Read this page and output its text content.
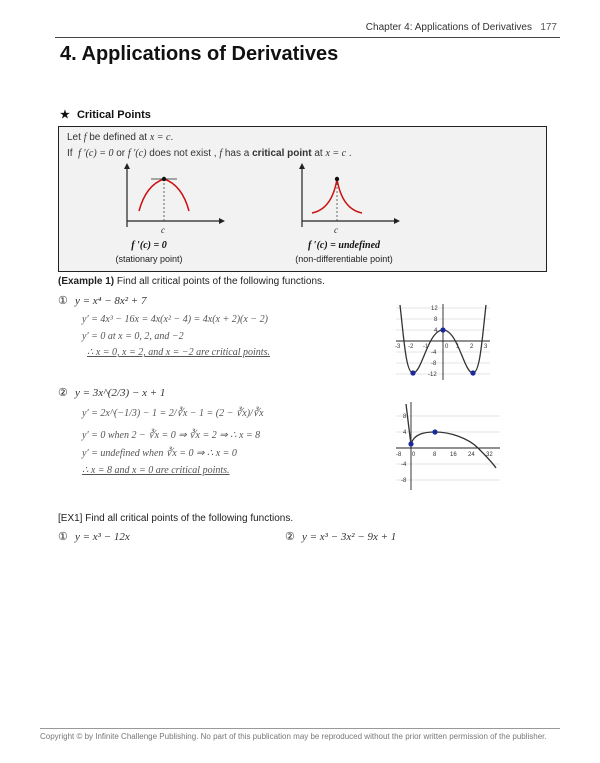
Chapter 4: Applications of Derivatives 177
4. Applications of Derivatives
★ Critical Points
Let f be defined at x = c.
If f ′(c) = 0 or f ′(c) does not exist , f has a critical point at x = c .
c	c
f ′(c) = 0
(stationary point)
f ′(c) = undefined
(non-differentiable point)
(Example 1) Find all critical points of the following functions.
① y = x⁴ − 8x² + 7
y′ = 4x³ − 16x = 4x(x² − 4) = 4x(x + 2)(x − 2)
y′ = 0 at x = 0, 2, and −2
∴ x = 0, x = 2, and x = −2 are critical points.	-3 -2 -1	0 1 2 3
12
8
4
-4
-8
-12
② y = 3x^(2/3) − x + 1
y′ = 2x^(−1/3) − 1 = 2/∛x − 1 = (2 − ∛x)/∛x
y′ = 0 when 2 − ∛x = 0 ⇒ ∛x = 2 ⇒ ∴ x = 8
y′ = undefined when ∛x = 0 ⇒ ∴ x = 0
∴ x = 8 and x = 0 are critical points.
-8 0	8 16 24 32
8
4
-4
-8
[EX1] Find all critical points of the following functions.
① y = x³ − 12x	② y = x³ − 3x² − 9x + 1
Copyright © by Infinite Challenge Publishing. No part of this publication may be reproduced without the prior written permission of the publisher.
